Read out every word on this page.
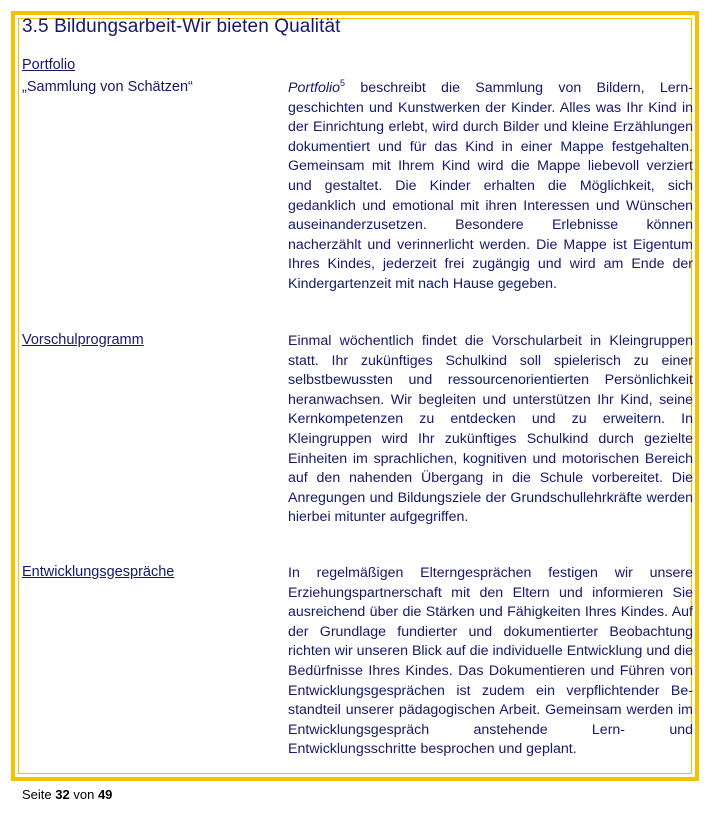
3.5 Bildungsarbeit-Wir bieten Qualität
Portfolio
„Sammlung von Schätzen“	Portfolio$^5$ beschreibt die Sammlung von Bildern, Lerngeschichten und Kunstwerken der Kinder. Alles was Ihr Kind in der Einrichtung erlebt, wird durch Bilder und kleine Erzählungen dokumentiert und für das Kind in einer Mappe festgehalten. Gemeinsam mit Ihrem Kind wird die Mappe liebevoll verziert und gestaltet. Die Kinder erhalten die Möglichkeit, sich gedanklich und emotional mit ihren Interessen und Wünschen auseinanderzusetzen. Besondere Erlebnisse können nacherzählt und verinnerlicht werden. Die Mappe ist Eigentum Ihres Kindes, jederzeit frei zugängig und wird am Ende der Kindergartenzeit mit nach Hause gegeben.
Vorschulprogramm	Einmal wöchentlich findet die Vorschularbeit in Kleingruppen statt. Ihr zukünftiges Schulkind soll spielerisch zu einer selbstbewussten und ressourcenorientierten Persönlichkeit heranwachsen. Wir begleiten und unterstützen Ihr Kind, seine Kernkompetenzen zu entdecken und zu erweitern. In Kleingruppen wird Ihr zukünftiges Schulkind durch gezielte Einheiten im sprachlichen, kognitiven und motorischen Bereich auf den nahenden Übergang in die Schule vorbereitet. Die Anregungen und Bildungsziele der Grundschullehrkräfte werden hierbei mitunter aufgegriffen.
Entwicklungsgespräche	In regelmäßigen Elterngesprächen festigen wir unsere Erziehungspartnerschaft mit den Eltern und informieren Sie ausreichend über die Stärken und Fähigkeiten Ihres Kindes. Auf der Grundlage fundierter und dokumentierter Beobachtung richten wir unseren Blick auf die individuelle Entwicklung und die Bedürfnisse Ihres Kindes. Das Dokumentieren und Führen von Entwicklungsgesprächen ist zudem ein verpflichtender Bestandteil unserer pädagogischen Arbeit. Gemeinsam werden im Entwicklungsgespräch anstehende Lern- und Entwicklungsschritte besprochen und geplant.
Seite 32 von 49
